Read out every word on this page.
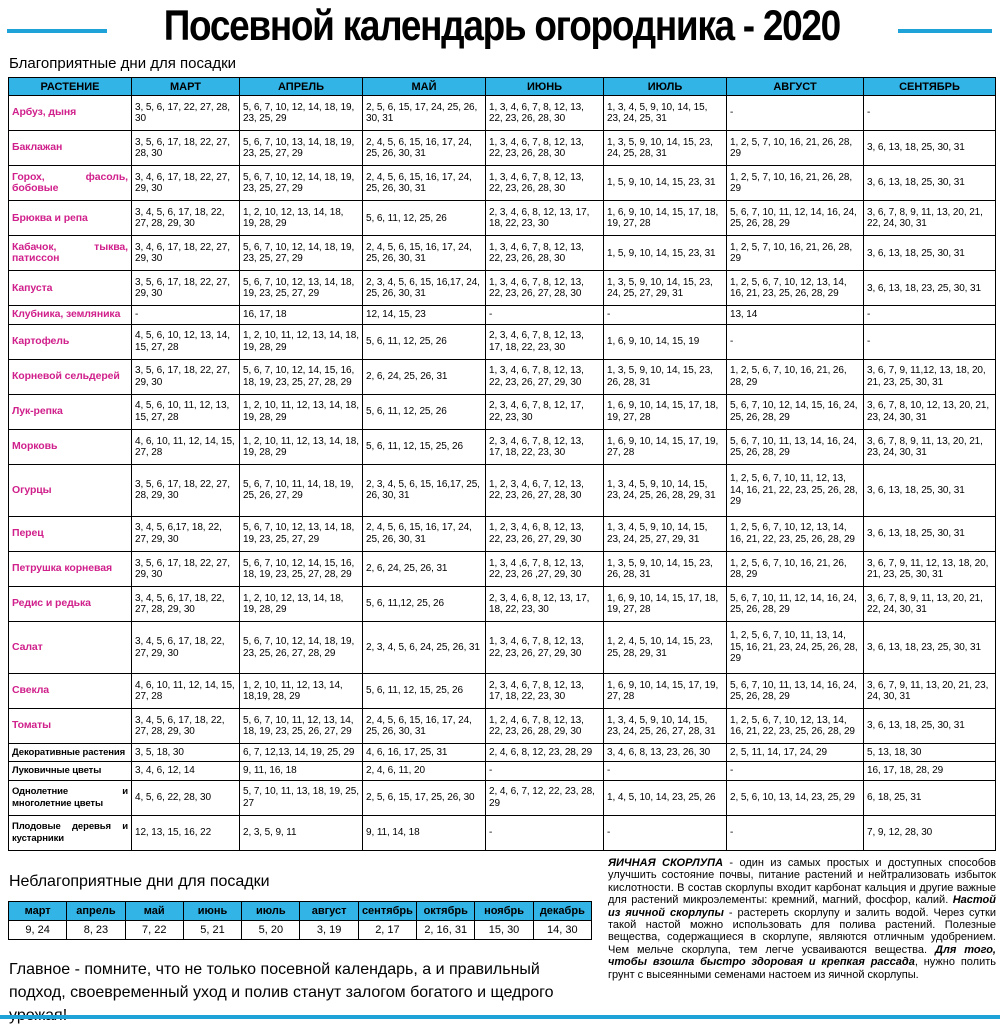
Посевной календарь огородника - 2020
Благоприятные дни для посадки
РАСТЕНИЕ	МАРТ	АПРЕЛЬ	МАЙ	ИЮНЬ	ИЮЛЬ	АВГУСТ	СЕНТЯБРЬ
Арбуз, дыня	3, 5, 6, 17, 22, 27, 28, 30	5, 6, 7, 10, 12, 14, 18, 19, 23, 25, 29	2, 5, 6, 15, 17, 24, 25, 26, 30, 31	1, 3, 4, 6, 7, 8, 12, 13, 22, 23, 26, 28, 30	1, 3, 4, 5, 9, 10, 14, 15, 23, 24, 25, 31	-	-
Баклажан	3, 5, 6, 17, 18, 22, 27, 28, 30	5, 6, 7, 10, 13, 14, 18, 19, 23, 25, 27, 29	2, 4, 5, 6, 15, 16, 17, 24, 25, 26, 30, 31	1, 3, 4, 6, 7, 8, 12, 13, 22, 23, 26, 28, 30	1, 3, 5, 9, 10, 14, 15, 23, 24, 25, 28, 31	1, 2, 5, 7, 10, 16, 21, 26, 28, 29	3, 6, 13, 18, 25, 30, 31
Горох, фасоль, бобовые	3, 4, 6, 17, 18, 22, 27, 29, 30	5, 6, 7, 10, 12, 14, 18, 19, 23, 25, 27, 29	2, 4, 5, 6, 15, 16, 17, 24, 25, 26, 30, 31	1, 3, 4, 6, 7, 8, 12, 13, 22, 23, 26, 28, 30	1, 5, 9, 10, 14, 15, 23, 31	1, 2, 5, 7, 10, 16, 21, 26, 28, 29	3, 6, 13, 18, 25, 30, 31
Брюква и репа	3, 4, 5, 6, 17, 18, 22, 27, 28, 29, 30	1, 2, 10, 12, 13, 14, 18, 19, 28, 29	5, 6, 11, 12, 25, 26	2, 3, 4, 6, 8, 12, 13, 17, 18, 22, 23, 30	1, 6, 9, 10, 14, 15, 17, 18, 19, 27, 28	5, 6, 7, 10, 11, 12, 14, 16, 24, 25, 26, 28, 29	3, 6, 7, 8, 9, 11, 13, 20, 21, 22, 24, 30, 31
Кабачок, тыква, патиссон	3, 4, 6, 17, 18, 22, 27, 29, 30	5, 6, 7, 10, 12, 14, 18, 19, 23, 25, 27, 29	2, 4, 5, 6, 15, 16, 17, 24, 25, 26, 30, 31	1, 3, 4, 6, 7, 8, 12, 13, 22, 23, 26, 28, 30	1, 5, 9, 10, 14, 15, 23, 31	1, 2, 5, 7, 10, 16, 21, 26, 28, 29	3, 6, 13, 18, 25, 30, 31
Капуста	3, 5, 6, 17, 18, 22, 27, 29, 30	5, 6, 7, 10, 12, 13, 14, 18, 19, 23, 25, 27, 29	2, 3, 4, 5, 6, 15, 16,17, 24, 25, 26, 30, 31	1, 3, 4, 6, 7, 8, 12, 13, 22, 23, 26, 27, 28, 30	1, 3, 5, 9, 10, 14, 15, 23, 24, 25, 27, 29, 31	1, 2, 5, 6, 7, 10, 12, 13, 14, 16, 21, 23, 25, 26, 28, 29	3, 6, 13, 18, 23, 25, 30, 31
Клубника, земляника	-	16, 17, 18	12, 14, 15, 23	-	-	13, 14	-
Картофель	4, 5, 6, 10, 12, 13, 14, 15, 27, 28	1, 2, 10, 11, 12, 13, 14, 18, 19, 28, 29	5, 6, 11, 12, 25, 26	2, 3, 4, 6, 7, 8, 12, 13, 17, 18, 22, 23, 30	1, 6, 9, 10, 14, 15, 19	-	-
Корневой сельдерей	3, 5, 6, 17, 18, 22, 27, 29, 30	5, 6, 7, 10, 12, 14, 15, 16, 18, 19, 23, 25, 27, 28, 29	2, 6, 24, 25, 26, 31	1, 3, 4, 6, 7, 8, 12, 13, 22, 23, 26, 27, 29, 30	1, 3, 5, 9, 10, 14, 15, 23, 26, 28, 31	1, 2, 5, 6, 7, 10, 16, 21, 26, 28, 29	3, 6, 7, 9, 11,12, 13, 18, 20, 21, 23, 25, 30, 31
Лук-репка	4, 5, 6, 10, 11, 12, 13, 15, 27, 28	1, 2, 10, 11, 12, 13, 14, 18, 19, 28, 29	5, 6, 11, 12, 25, 26	2, 3, 4, 6, 7, 8, 12, 17, 22, 23, 30	1, 6, 9, 10, 14, 15, 17, 18, 19, 27, 28	5, 6, 7, 10, 12, 14, 15, 16, 24, 25, 26, 28, 29	3, 6, 7, 8, 10, 12, 13, 20, 21, 23, 24, 30, 31
Морковь	4, 6, 10, 11, 12, 14, 15, 27, 28	1, 2, 10, 11, 12, 13, 14, 18, 19, 28, 29	5, 6, 11, 12, 15, 25, 26	2, 3, 4, 6, 7, 8, 12, 13, 17, 18, 22, 23, 30	1, 6, 9, 10, 14, 15, 17, 19, 27, 28	5, 6, 7, 10, 11, 13, 14, 16, 24, 25, 26, 28, 29	3, 6, 7, 8, 9, 11, 13, 20, 21, 23, 24, 30, 31
Огурцы	3, 5, 6, 17, 18, 22, 27, 28, 29, 30	5, 6, 7, 10, 11, 14, 18, 19, 25, 26, 27, 29	2, 3, 4, 5, 6, 15, 16,17, 25, 26, 30, 31	1, 2, 3, 4, 6, 7, 12, 13, 22, 23, 26, 27, 28, 30	1, 3, 4, 5, 9, 10, 14, 15, 23, 24, 25, 26, 28, 29, 31	1, 2, 5, 6, 7, 10, 11, 12, 13, 14, 16, 21, 22, 23, 25, 26, 28, 29	3, 6, 13, 18, 25, 30, 31
Перец	3, 4, 5, 6,17, 18, 22, 27, 29, 30	5, 6, 7, 10, 12, 13, 14, 18, 19, 23, 25, 27, 29	2, 4, 5, 6, 15, 16, 17, 24, 25, 26, 30, 31	1, 2, 3, 4, 6, 8, 12, 13, 22, 23, 26, 27, 29, 30	1, 3, 4, 5, 9, 10, 14, 15, 23, 24, 25, 27, 29, 31	1, 2, 5, 6, 7, 10, 12, 13, 14, 16, 21, 22, 23, 25, 26, 28, 29	3, 6, 13, 18, 25, 30, 31
Петрушка корневая	3, 5, 6, 17, 18, 22, 27, 29, 30	5, 6, 7, 10, 12, 14, 15, 16, 18, 19, 23, 25, 27, 28, 29	2, 6, 24, 25, 26, 31	1, 3, 4 ,6, 7, 8, 12, 13, 22, 23, 26 ,27, 29, 30	1, 3, 5, 9, 10, 14, 15, 23, 26, 28, 31	1, 2, 5, 6, 7, 10, 16, 21, 26, 28, 29	3, 6, 7, 9, 11, 12, 13, 18, 20, 21, 23, 25, 30, 31
Редис и редька	3, 4, 5, 6, 17, 18, 22, 27, 28, 29, 30	1, 2, 10, 12, 13, 14, 18, 19, 28, 29	5, 6, 11,12, 25, 26	2, 3, 4, 6, 8, 12, 13, 17, 18, 22, 23, 30	1, 6, 9, 10, 14, 15, 17, 18, 19, 27, 28	5, 6, 7, 10, 11, 12, 14, 16, 24, 25, 26, 28, 29	3, 6, 7, 8, 9, 11, 13, 20, 21, 22, 24, 30, 31
Салат	3, 4, 5, 6, 17, 18, 22, 27, 29, 30	5, 6, 7, 10, 12, 14, 18, 19, 23, 25, 26, 27, 28, 29	2, 3, 4, 5, 6, 24, 25, 26, 31	1, 3, 4, 6, 7, 8, 12, 13, 22, 23, 26, 27, 29, 30	1, 2, 4, 5, 10, 14, 15, 23, 25, 28, 29, 31	1, 2, 5, 6, 7, 10, 11, 13, 14, 15, 16, 21, 23, 24, 25, 26, 28, 29	3, 6, 13, 18, 23, 25, 30, 31
Свекла	4, 6, 10, 11, 12, 14, 15, 27, 28	1, 2, 10, 11, 12, 13, 14, 18,19, 28, 29	5, 6, 11, 12, 15, 25, 26	2, 3, 4, 6, 7, 8, 12, 13, 17, 18, 22, 23, 30	1, 6, 9, 10, 14, 15, 17, 19, 27, 28	5, 6, 7, 10, 11, 13, 14, 16, 24, 25, 26, 28, 29	3, 6, 7, 9, 11, 13, 20, 21, 23, 24, 30, 31
Томаты	3, 4, 5, 6, 17, 18, 22, 27, 28, 29, 30	5, 6, 7, 10, 11, 12, 13, 14, 18, 19, 23, 25, 26, 27, 29	2, 4, 5, 6, 15, 16, 17, 24, 25, 26, 30, 31	1, 2, 4, 6, 7, 8, 12, 13, 22, 23, 26, 28, 29, 30	1, 3, 4, 5, 9, 10, 14, 15, 23, 24, 25, 26, 27, 28, 31	1, 2, 5, 6, 7, 10, 12, 13, 14, 16, 21, 22, 23, 25, 26, 28, 29	3, 6, 13, 18, 25, 30, 31
Декоративные растения	3, 5, 18, 30	6, 7, 12,13, 14, 19, 25, 29	4, 6, 16, 17, 25, 31	2, 4, 6, 8, 12, 23, 28, 29	3, 4, 6, 8, 13, 23, 26, 30	2, 5, 11, 14, 17, 24, 29	5, 13, 18, 30
Луковичные цветы	3, 4, 6, 12, 14	9, 11, 16, 18	2, 4, 6, 11, 20	-	-	-	16, 17, 18, 28, 29
Однолетние и многолетние цветы	4, 5, 6, 22, 28, 30	5, 7, 10, 11, 13, 18, 19, 25, 27	2, 5, 6, 15, 17, 25, 26, 30	2, 4, 6, 7, 12, 22, 23, 28, 29	1, 4, 5, 10, 14, 23, 25, 26	2, 5, 6, 10, 13, 14, 23, 25, 29	6, 18, 25, 31
Плодовые деревья и кустарники	12, 13, 15, 16, 22	2, 3, 5, 9, 11	9, 11, 14, 18	-	-	-	7, 9, 12, 28, 30
Неблагоприятные дни для посадки
март	апрель	май	июнь	июль	август	сентябрь	октябрь	ноябрь	декабрь
9, 24	8, 23	7, 22	5, 21	5, 20	3, 19	2, 17	2, 16, 31	15, 30	14, 30
Главное - помните, что не только посевной календарь, а и правильный подход, своевременный уход и полив станут залогом богатого и щедрого
ЯИЧНАЯ СКОРЛУПА - один из самых простых и доступных способов улучшить состояние почвы, питание растений и нейтрализовать избыток кислотности. В состав скорлупы входит карбонат кальция и другие важные для растений микроэлементы: кремний, магний, фосфор, калий. Настой из яичной скорлупы - растереть скорлупу и залить водой. Через сутки такой настой можно использовать для полива растений. Полезные вещества, содержащиеся в скорлупе, являются отличным удобрением. Чем мельче скорлупа, тем легче усваиваются вещества. Для того, чтобы взошла быстро здоровая и крепкая рассада, нужно полить грунт с высеянными семенами настоем из яичной скорлупы.
